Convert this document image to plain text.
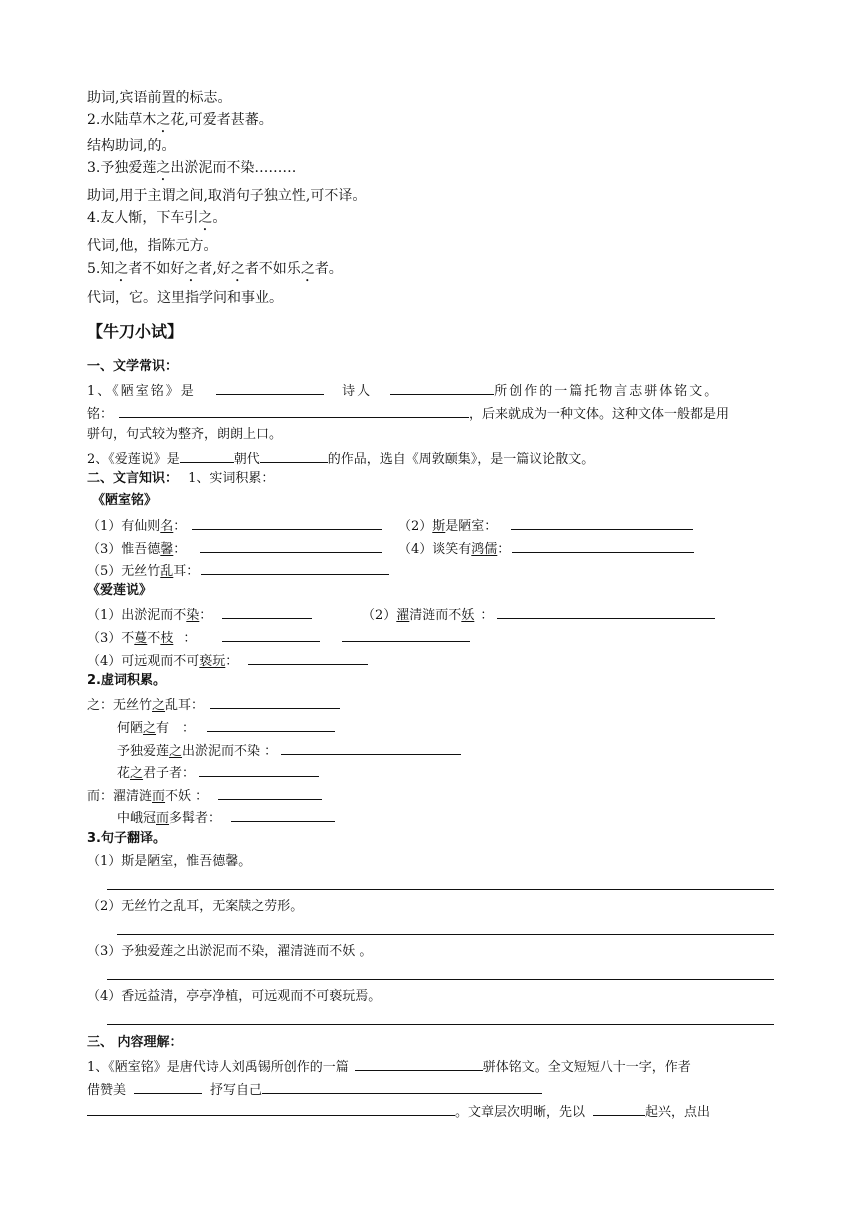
助词,宾语前置的标志。
2.水陆草木之花,可爱者甚蕃。
结构助词,的。
3.予独爱莲之出淤泥而不染………
助词,用于主谓之间,取消句子独立性,可不译。
4.友人惭，下车引之。
代词,他，指陈元方。
5.知之者不如好之者,好之者不如乐之者。
代词，它。这里指学问和事业。
【牛刀小试】
一、文学常识：
1、《陋室铭》是	诗人	所创作的一篇托物言志骈体铭文。
铭：	，后来就成为一种文体。这种文体一般都是用
骈句，句式较为整齐，朗朗上口。
2、《爱莲说》是	朝代	的作品，选自《周敦颐集》，是一篇议论散文。
二、文言知识： 1、实词积累：
《陋室铭》
（1）有仙则名：	（2）斯是陋室：
（3）惟吾德馨：	（4）谈笑有鸿儒：
（5）无丝竹乱耳：
《爱莲说》
（1）出淤泥而不染：	（2）濯清涟而不妖 ：
（3）不蔓不枝 ：
（4）可远观而不可亵玩：
2.虚词积累。
之：无丝竹之乱耳：
何陋之有　：
予独爱莲之出淤泥而不染 ：
花之君子者：
而：濯清涟而不妖 ：
中峨冠而多髯者：
3.句子翻译。
（1）斯是陋室，惟吾德馨。
（2）无丝竹之乱耳，无案牍之劳形。
（3）予独爱莲之出淤泥而不染，濯清涟而不妖 。
（4）香远益清，亭亭净植，可远观而不可亵玩焉。
三、 内容理解：
1、《陋室铭》是唐代诗人刘禹锡所创作的一篇	骈体铭文。全文短短八十一字，作者
借赞美	抒写自己
。文章层次明晰，先以	起兴，点出
